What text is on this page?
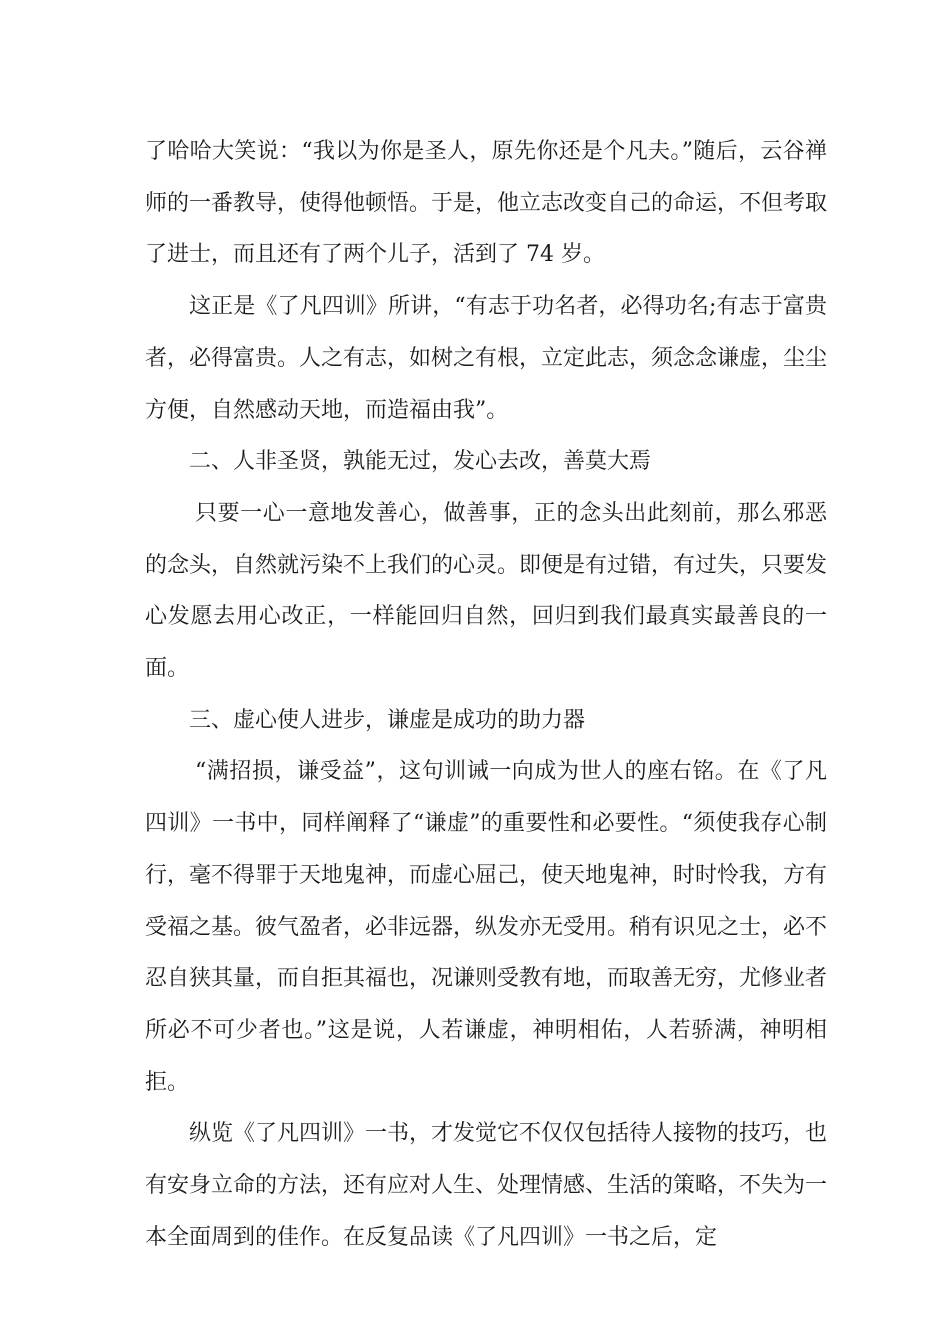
了哈哈大笑说：“我以为你是圣人，原先你还是个凡夫。”随后，云谷禅师的一番教导，使得他顿悟。于是，他立志改变自己的命运，不但考取了进士，而且还有了两个儿子，活到了 74 岁。

这正是《了凡四训》所讲，“有志于功名者，必得功名;有志于富贵者，必得富贵。人之有志，如树之有根，立定此志，须念念谦虚，尘尘方便，自然感动天地，而造福由我”。

二、人非圣贤，孰能无过，发心去改，善莫大焉

只要一心一意地发善心，做善事，正的念头出此刻前，那么邪恶的念头，自然就污染不上我们的心灵。即便是有过错，有过失，只要发心发愿去用心改正，一样能回归自然，回归到我们最真实最善良的一面。

三、虚心使人进步，谦虚是成功的助力器

“满招损，谦受益”，这句训诫一向成为世人的座右铭。在《了凡四训》一书中，同样阐释了“谦虚”的重要性和必要性。“须使我存心制行，毫不得罪于天地鬼神，而虚心屈己，使天地鬼神，时时怜我，方有受福之基。彼气盈者，必非远器，纵发亦无受用。稍有识见之士，必不忍自狭其量，而自拒其福也，况谦则受教有地，而取善无穷，尤修业者所必不可少者也。”这是说，人若谦虚，神明相佑，人若骄满，神明相拒。

纵览《了凡四训》一书，才发觉它不仅仅包括待人接物的技巧，也有安身立命的方法，还有应对人生、处理情感、生活的策略，不失为一本全面周到的佳作。在反复品读《了凡四训》一书之后，定
